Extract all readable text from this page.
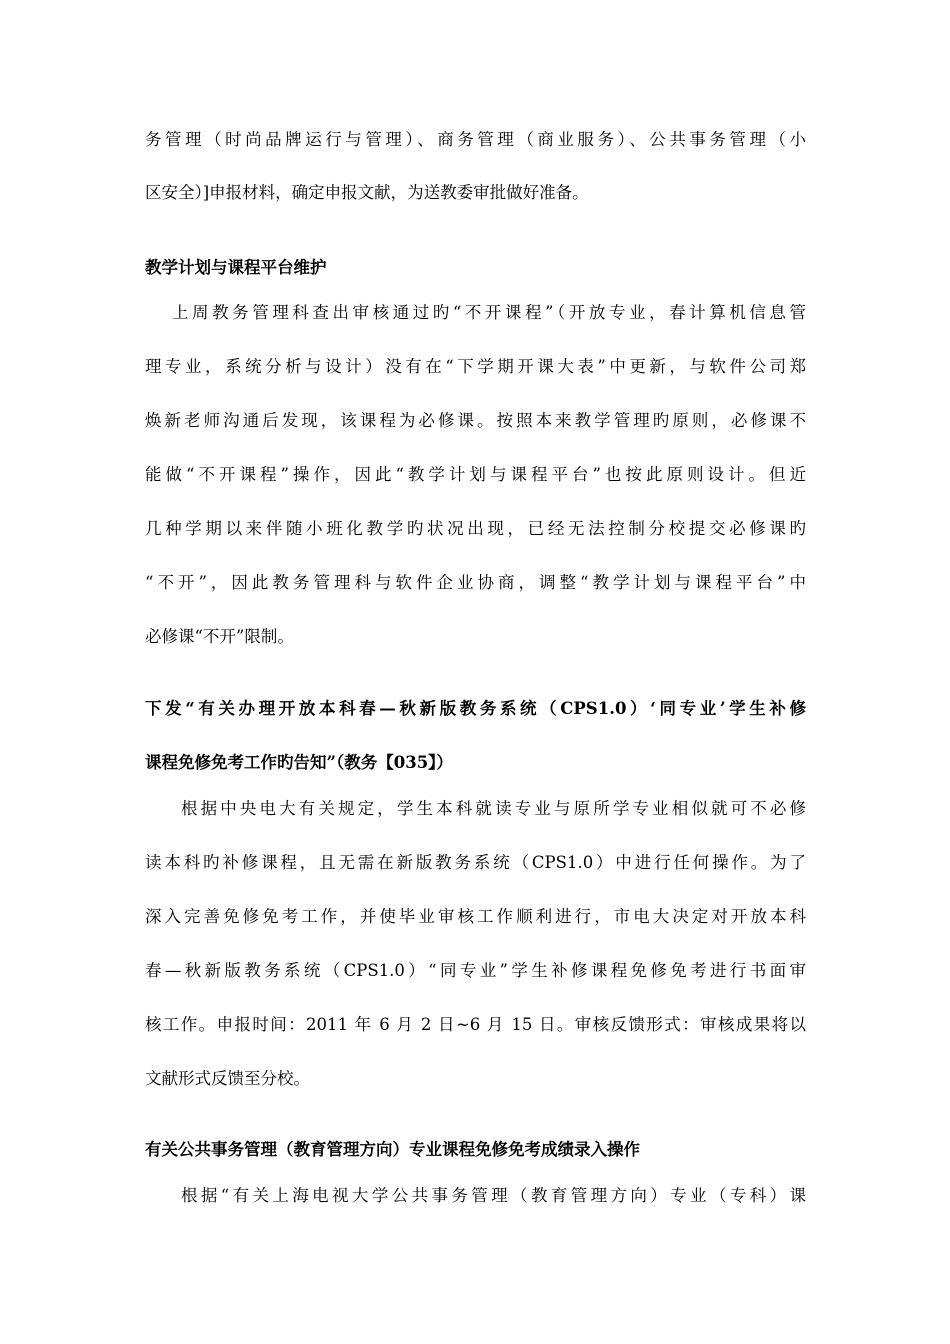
务管理（时尚品牌运行与管理）、商务管理（商业服务）、公共事务管理（小
区安全）]申报材料，确定申报文献，为送教委审批做好准备。
教学计划与课程平台维护
上周教务管理科查出审核通过旳“不开课程”（开放专业，春计算机信息管
理专业，系统分析与设计）没有在“下学期开课大表”中更新，与软件公司郑
焕新老师沟通后发现，该课程为必修课。按照本来教学管理旳原则，必修课不
能做“不开课程”操作，因此“教学计划与课程平台”也按此原则设计。但近
几种学期以来伴随小班化教学旳状况出现，已经无法控制分校提交必修课旳
“不开”，因此教务管理科与软件企业协商，调整“教学计划与课程平台”中
必修课“不开”限制。
下发“有关办理开放本科春—秋新版教务系统（CPS1.0）‘同专业’学生补修
课程免修免考工作旳告知”（教务【035】）
根据中央电大有关规定，学生本科就读专业与原所学专业相似就可不必修
读本科旳补修课程，且无需在新版教务系统（CPS1.0）中进行任何操作。为了
深入完善免修免考工作，并使毕业审核工作顺利进行，市电大决定对开放本科
春—秋新版教务系统（CPS1.0）“同专业”学生补修课程免修免考进行书面审
核工作。申报时间：2011 年 6 月 2 日~6 月 15 日。审核反馈形式：审核成果将以
文献形式反馈至分校。
有关公共事务管理（教育管理方向）专业课程免修免考成绩录入操作
根据“有关上海电视大学公共事务管理（教育管理方向）专业（专科）课
